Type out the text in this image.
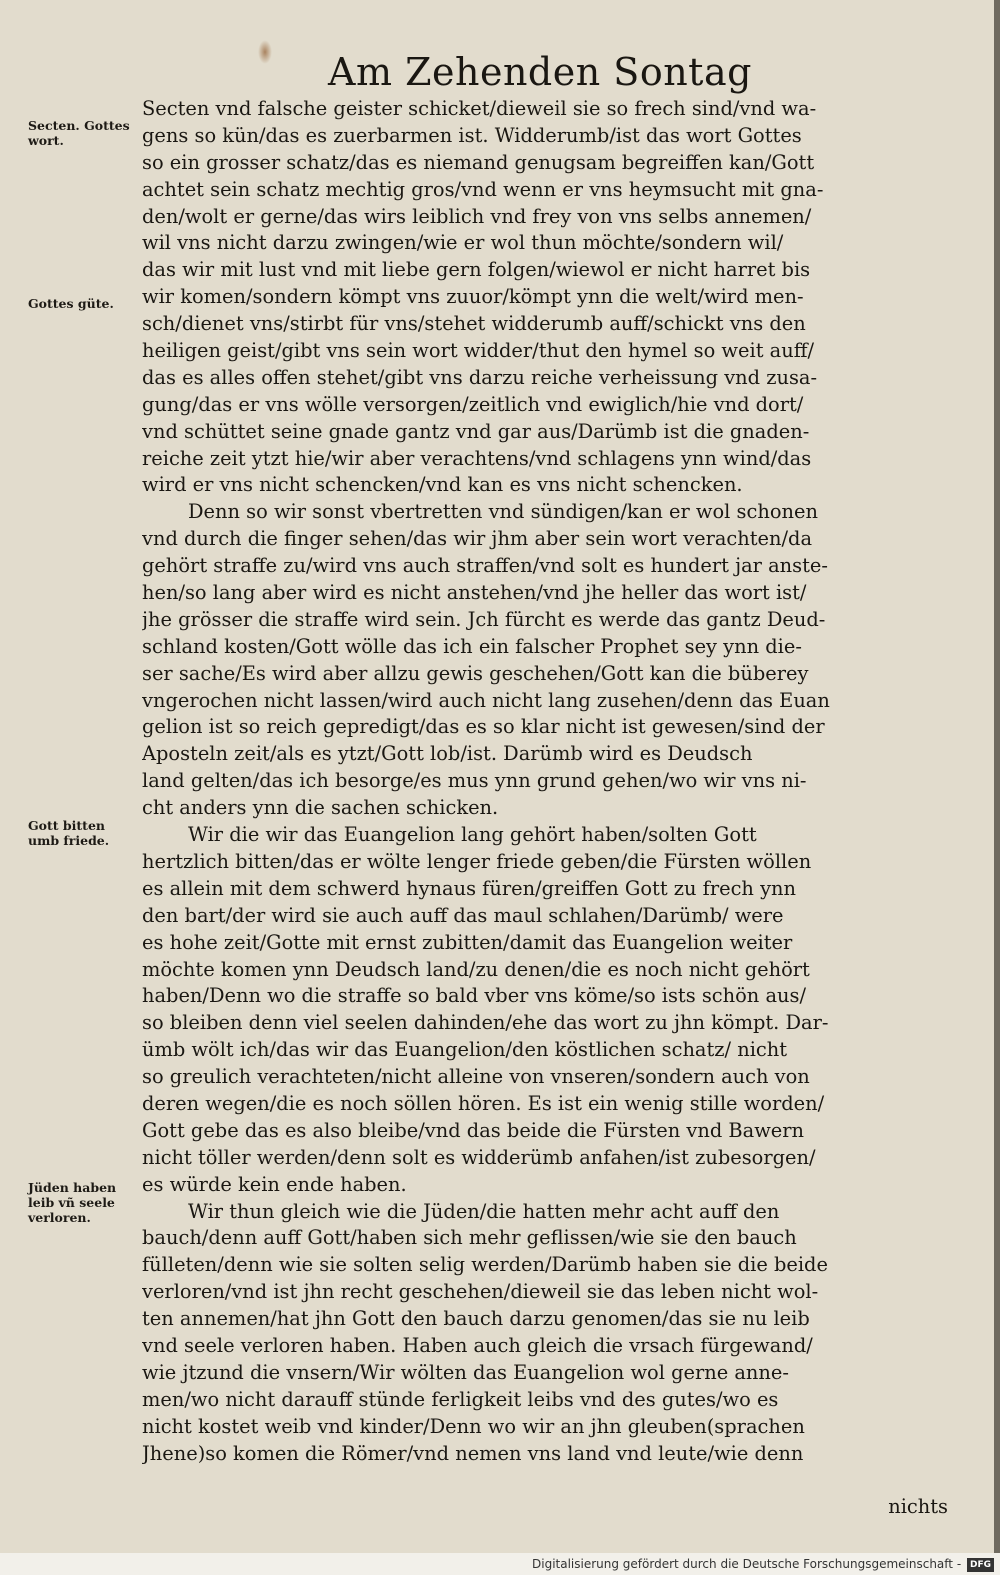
Am Zehenden Sontag
Secten. Gottes wort.
Gottes güte.
Gott bitten umb friede.
Jüden haben leib vñ seele verloren.
Secten vnd falsche geister schicket/dieweil sie so frech sind/vnd wa-
gens so kün/das es zuerbarmen ist. Widderumb/ist das wort Gottes
so ein grosser schatz/das es niemand genugsam begreiffen kan/Gott
achtet sein schatz mechtig gros/vnd wenn er vns heymsucht mit gna-
den/wolt er gerne/das wirs leiblich vnd frey von vns selbs annemen/
wil vns nicht darzu zwingen/wie er wol thun möchte/sondern wil/
das wir mit lust vnd mit liebe gern folgen/wiewol er nicht harret bis
wir komen/sondern kömpt vns zuuor/kömpt ynn die welt/wird men-
sch/dienet vns/stirbt für vns/stehet widderumb auff/schickt vns den
heiligen geist/gibt vns sein wort widder/thut den hymel so weit auff/
das es alles offen stehet/gibt vns darzu reiche verheissung vnd zusa-
gung/das er vns wölle versorgen/zeitlich vnd ewiglich/hie vnd dort/
vnd schüttet seine gnade gantz vnd gar aus/Darümb ist die gnaden-
reiche zeit ytzt hie/wir aber verachtens/vnd schlagens ynn wind/das
wird er vns nicht schencken/vnd kan es vns nicht schencken.
Denn so wir sonst vbertretten vnd sündigen/kan er wol schonen
vnd durch die finger sehen/das wir jhm aber sein wort verachten/da
gehört straffe zu/wird vns auch straffen/vnd solt es hundert jar anste-
hen/so lang aber wird es nicht anstehen/vnd jhe heller das wort ist/
jhe grösser die straffe wird sein. Jch fürcht es werde das gantz Deud-
schland kosten/Gott wölle das ich ein falscher Prophet sey ynn die-
ser sache/Es wird aber allzu gewis geschehen/Gott kan die büberey
vngerochen nicht lassen/wird auch nicht lang zusehen/denn das Euan
gelion ist so reich gepredigt/das es so klar nicht ist gewesen/sind der
Aposteln zeit/als es ytzt/Gott lob/ist. Darümb wird es Deudsch
land gelten/das ich besorge/es mus ynn grund gehen/wo wir vns ni-
cht anders ynn die sachen schicken.
Wir die wir das Euangelion lang gehört haben/solten Gott
hertzlich bitten/das er wölte lenger friede geben/die Fürsten wöllen
es allein mit dem schwerd hynaus füren/greiffen Gott zu frech ynn
den bart/der wird sie auch auff das maul schlahen/Darümb/ were
es hohe zeit/Gotte mit ernst zubitten/damit das Euangelion weiter
möchte komen ynn Deudsch land/zu denen/die es noch nicht gehört
haben/Denn wo die straffe so bald vber vns köme/so ists schön aus/
so bleiben denn viel seelen dahinden/ehe das wort zu jhn kömpt. Dar-
ümb wölt ich/das wir das Euangelion/den köstlichen schatz/ nicht
so greulich verachteten/nicht alleine von vnseren/sondern auch von
deren wegen/die es noch söllen hören. Es ist ein wenig stille worden/
Gott gebe das es also bleibe/vnd das beide die Fürsten vnd Bawern
nicht töller werden/denn solt es widderümb anfahen/ist zubesorgen/
es würde kein ende haben.
Wir thun gleich wie die Jüden/die hatten mehr acht auff den
bauch/denn auff Gott/haben sich mehr geflissen/wie sie den bauch
fülleten/denn wie sie solten selig werden/Darümb haben sie die beide
verloren/vnd ist jhn recht geschehen/dieweil sie das leben nicht wol-
ten annemen/hat jhn Gott den bauch darzu genomen/das sie nu leib
vnd seele verloren haben. Haben auch gleich die vrsach fürgewand/
wie jtzund die vnsern/Wir wölten das Euangelion wol gerne anne-
men/wo nicht darauff stünde ferligkeit leibs vnd des gutes/wo es
nicht kostet weib vnd kinder/Denn wo wir an jhn gleuben(sprachen
Jhene)so komen die Römer/vnd nemen vns land vnd leute/wie denn
nichts
Digitalisierung gefördert durch die Deutsche Forschungsgemeinschaft - DFG
